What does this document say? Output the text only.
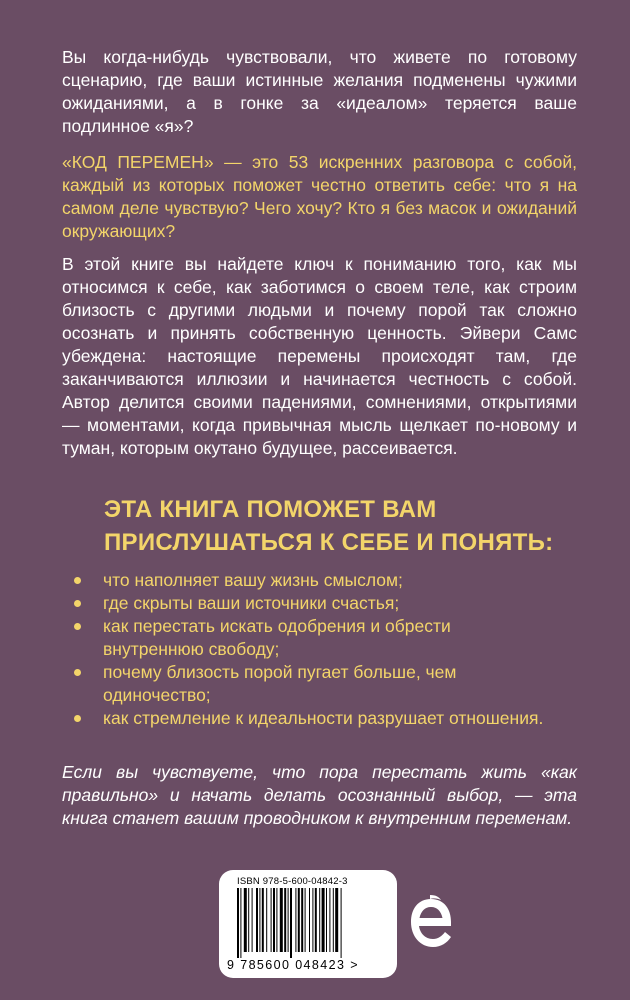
Вы когда-нибудь чувствовали, что живете по готовому сценарию, где ваши истинные желания подменены чужими ожиданиями, а в гонке за «идеалом» теряется ваше подлинное «я»?

«КОД ПЕРЕМЕН» — это 53 искренних разговора с собой, каждый из которых поможет честно ответить себе: что я на самом деле чувствую? Чего хочу? Кто я без масок и ожиданий окружающих?

В этой книге вы найдете ключ к пониманию того, как мы относимся к себе, как заботимся о своем теле, как строим близость с другими людьми и почему порой так сложно осознать и принять собственную ценность. Эйвери Самс убеждена: настоящие перемены происходят там, где заканчиваются иллюзии и начинается честность с собой. Автор делится своими падениями, сомнениями, открытиями — моментами, когда привычная мысль щелкает по-новому и туман, которым окутано будущее, рассеивается.

ЭТА КНИГА ПОМОЖЕТ ВАМ
ПРИСЛУШАТЬСЯ К СЕБЕ И ПОНЯТЬ:
что наполняет вашу жизнь смыслом;
где скрыты ваши источники счастья;
как перестать искать одобрения и обрести внутреннюю свободу;
почему близость порой пугает больше, чем одиночество;
как стремление к идеальности разрушает отношения.

Если вы чувствуете, что пора перестать жить «как правильно» и начать делать осознанный выбор, — эта книга станет вашим проводником к внутренним переменам.

ISBN 978-5-600-04842-3
9 785600 048423 >
